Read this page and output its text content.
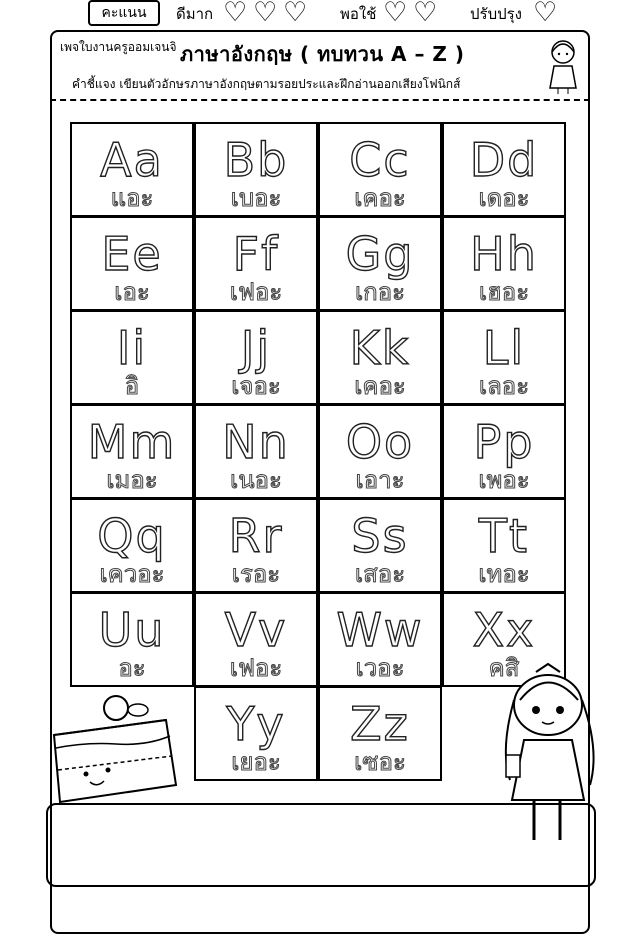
คะแนน	ดีมาก ♡ ♡ ♡ พอใช้ ♡ ♡ ปรับปรุง ♡
เพจใบงานครูออมเจนจิ ภาษาอังกฤษ ( ทบทวน A – Z )
คำชี้แจง เขียนตัวอักษรภาษาอังกฤษตามรอยประและฝึกอ่านออกเสียงโฟนิกส์
Aa
แอะ
Bb
เบอะ
Cc
เคอะ
Dd
เดอะ
Ee
เอะ
Ff
เฟอะ
Gg
เกอะ
Hh
เฮอะ
Ii
อิ
Jj
เจอะ
Kk
เคอะ
Ll
เลอะ
Mm
เมอะ
Nn
เนอะ
Oo
เอาะ
Pp
เพอะ
Qq
เควอะ
Rr
เรอะ
Ss
เสอะ
Tt
เทอะ
Uu
อะ
Vv
เฟอะ
Ww
เวอะ
Xx
คสิ
Yy
เยอะ
Zz
เซอะ
